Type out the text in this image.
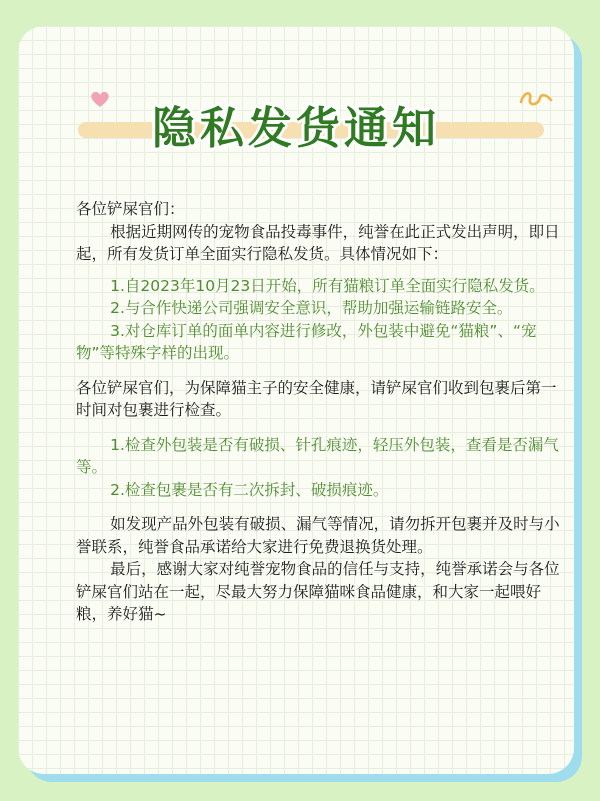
隐私发货通知

各位铲屎官们：

根据近期网传的宠物食品投毒事件，纯誉在此正式发出声明，即日起，所有发货订单全面实行隐私发货。具体情况如下：

1.自2023年10月23日开始，所有猫粮订单全面实行隐私发货。

2.与合作快递公司强调安全意识，帮助加强运输链路安全。

3.对仓库订单的面单内容进行修改，外包装中避免“猫粮”、“宠物”等特殊字样的出现。

各位铲屎官们，为保障猫主子的安全健康，请铲屎官们收到包裹后第一时间对包裹进行检查。

1.检查外包装是否有破损、针孔痕迹，轻压外包装，查看是否漏气等。

2.检查包裹是否有二次拆封、破损痕迹。

如发现产品外包装有破损、漏气等情况，请勿拆开包裹并及时与小誉联系，纯誉食品承诺给大家进行免费退换货处理。

最后，感谢大家对纯誉宠物食品的信任与支持，纯誉承诺会与各位铲屎官们站在一起，尽最大努力保障猫咪食品健康，和大家一起喂好粮，养好猫~
